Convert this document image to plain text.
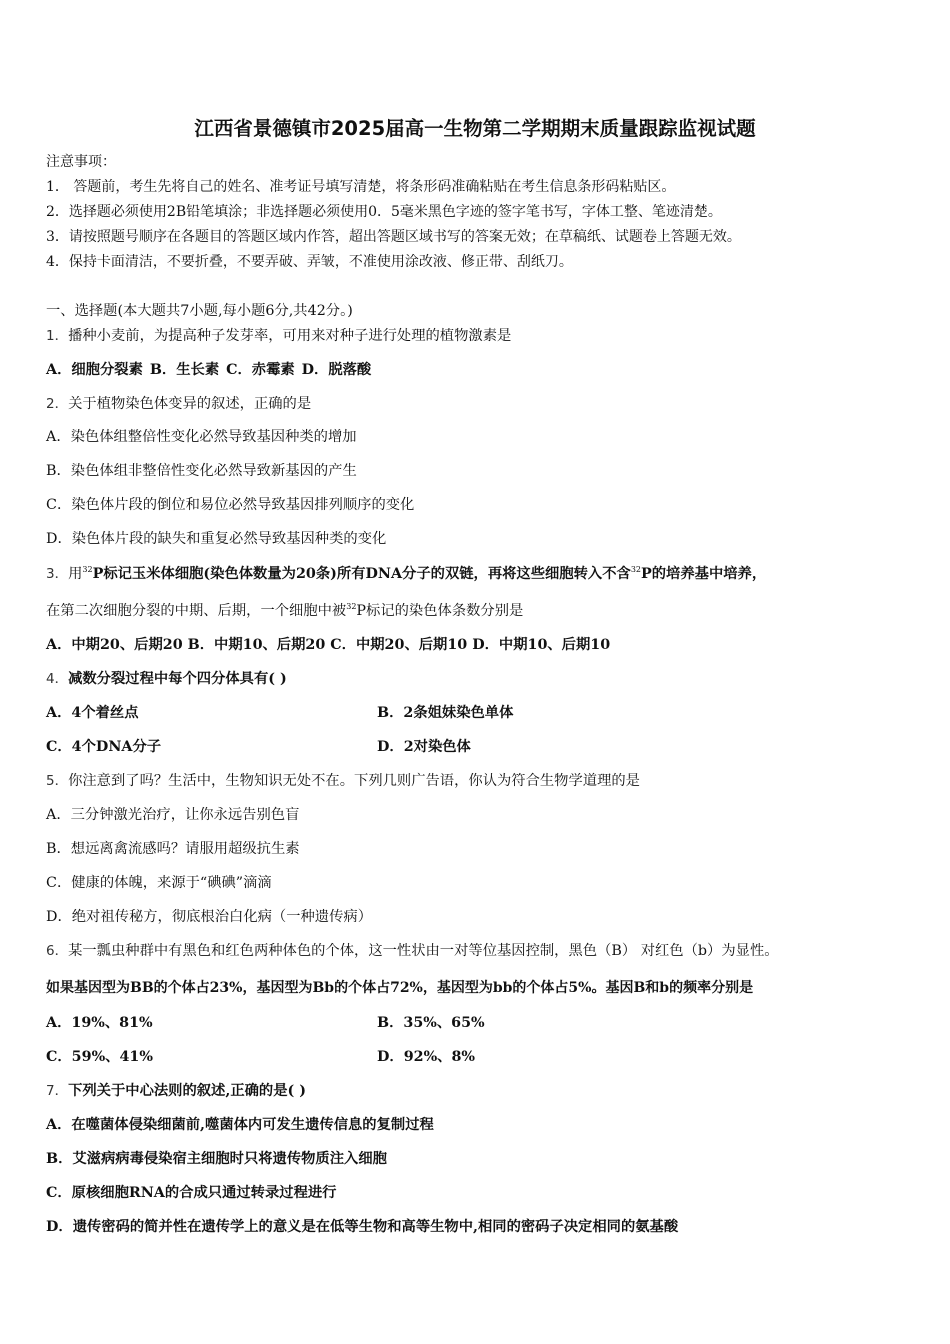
江西省景德镇市2025届高一生物第二学期期末质量跟踪监视试题
注意事项：
1． 答题前，考生先将自己的姓名、准考证号填写清楚，将条形码准确粘贴在考生信息条形码粘贴区。
2．选择题必须使用2B铅笔填涂；非选择题必须使用0．5毫米黑色字迹的签字笔书写，字体工整、笔迹清楚。
3．请按照题号顺序在各题目的答题区域内作答，超出答题区域书写的答案无效；在草稿纸、试题卷上答题无效。
4．保持卡面清洁，不要折叠，不要弄破、弄皱，不准使用涂改液、修正带、刮纸刀。
一、选择题(本大题共7小题,每小题6分,共42分。)
1．播种小麦前，为提高种子发芽率，可用来对种子进行处理的植物激素是
A．细胞分裂素 B．生长素 C．赤霉素 D．脱落酸
2．关于植物染色体变异的叙述，正确的是
A．染色体组整倍性变化必然导致基因种类的增加
B．染色体组非整倍性变化必然导致新基因的产生
C．染色体片段的倒位和易位必然导致基因排列顺序的变化
D．染色体片段的缺失和重复必然导致基因种类的变化
3．用$^{32}$P标记玉米体细胞(染色体数量为20条)所有DNA分子的双链，再将这些细胞转入不含$^{32}$P的培养基中培养，
在第二次细胞分裂的中期、后期，一个细胞中被$^{32}$P标记的染色体条数分别是
A．中期20、后期20 B．中期10、后期20 C．中期20、后期10 D．中期10、后期10
4．减数分裂过程中每个四分体具有( )
A．4个着丝点	B．2条姐妹染色单体
C．4个DNA分子	D．2对染色体
5．你注意到了吗？生活中，生物知识无处不在。下列几则广告语，你认为符合生物学道理的是
A．三分钟激光治疗，让你永远告别色盲
B．想远离禽流感吗？请服用超级抗生素
C．健康的体魄，来源于“碘碘”滴滴
D．绝对祖传秘方，彻底根治白化病（一种遗传病）
6．某一瓢虫种群中有黑色和红色两种体色的个体，这一性状由一对等位基因控制，黑色（B） 对红色（b）为显性。
如果基因型为BB的个体占23%，基因型为Bb的个体占72%，基因型为bb的个体占5%。基因B和b的频率分别是
A．19%、81%	B．35%、65%
C．59%、41%	D．92%、8%
7．下列关于中心法则的叙述,正确的是( )
A．在噬菌体侵染细菌前,噬菌体内可发生遗传信息的复制过程
B．艾滋病病毒侵染宿主细胞时只将遗传物质注入细胞
C．原核细胞RNA的合成只通过转录过程进行
D．遗传密码的简并性在遗传学上的意义是在低等生物和高等生物中,相同的密码子决定相同的氨基酸
